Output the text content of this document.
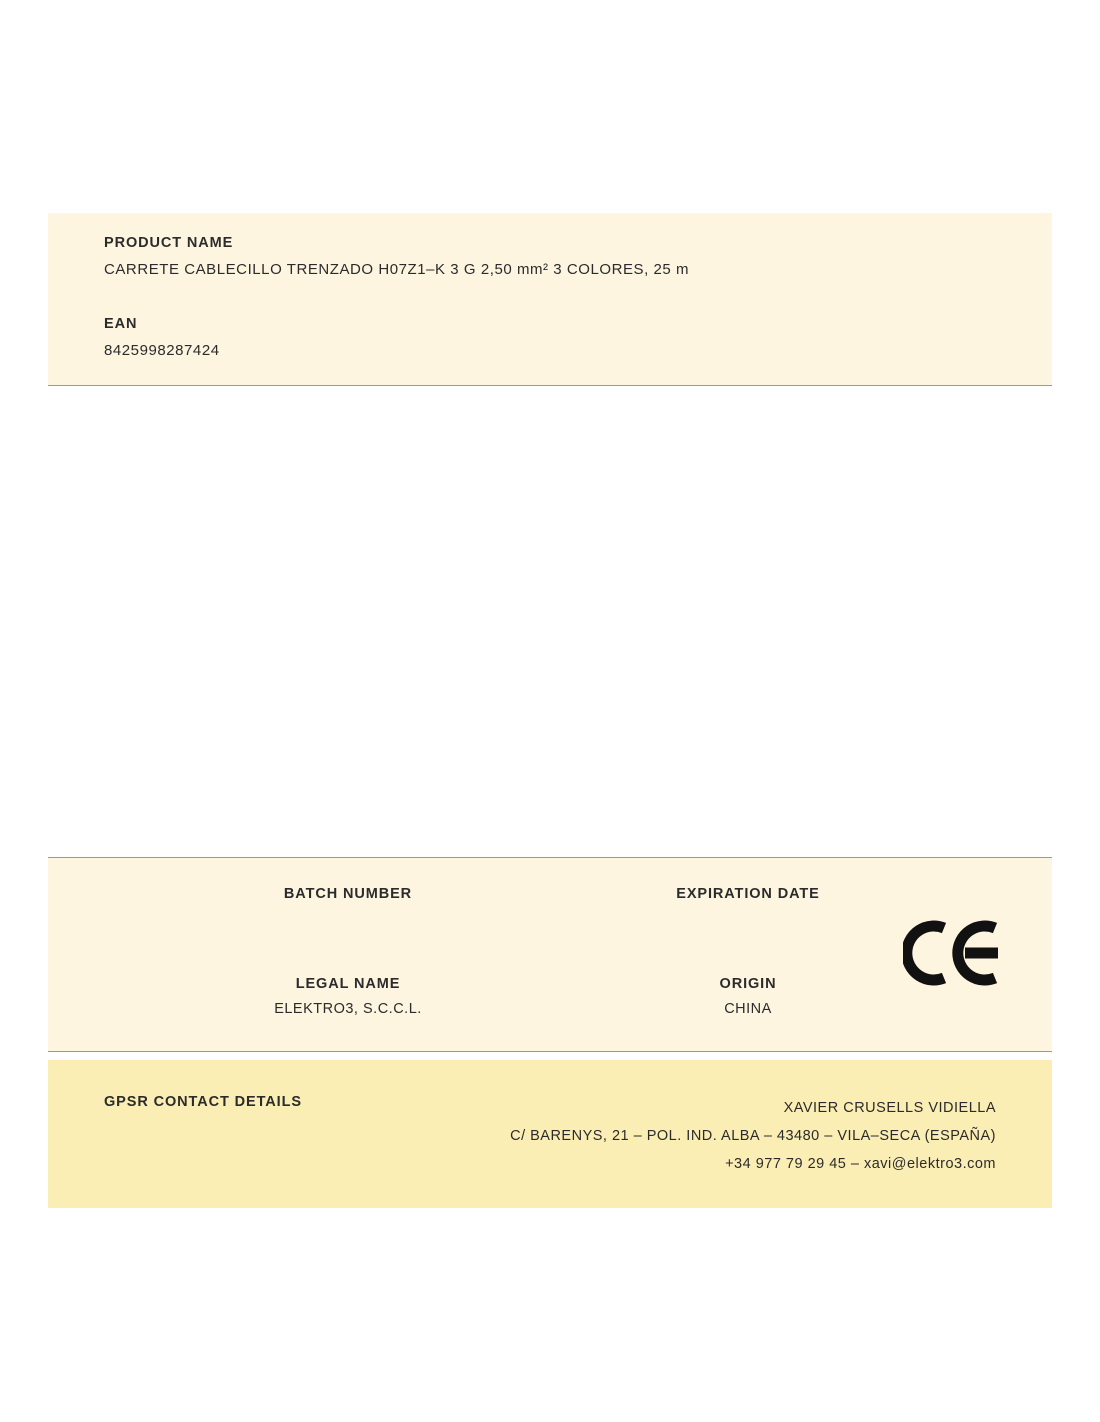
PRODUCT NAME

CARRETE CABLECILLO TRENZADO H07Z1–K 3 G 2,50 mm² 3 COLORES, 25 m

EAN

8425998287424

BATCH NUMBER	EXPIRATION DATE
LEGAL NAME
ELEKTRO3, S.C.C.L.
ORIGIN
CHINA
GPSR CONTACT DETAILS	XAVIER CRUSELLS VIDIELLA
C/ BARENYS, 21 – POL. IND. ALBA – 43480 – VILA–SECA (ESPAÑA)
+34 977 79 29 45 – xavi@elektro3.com
